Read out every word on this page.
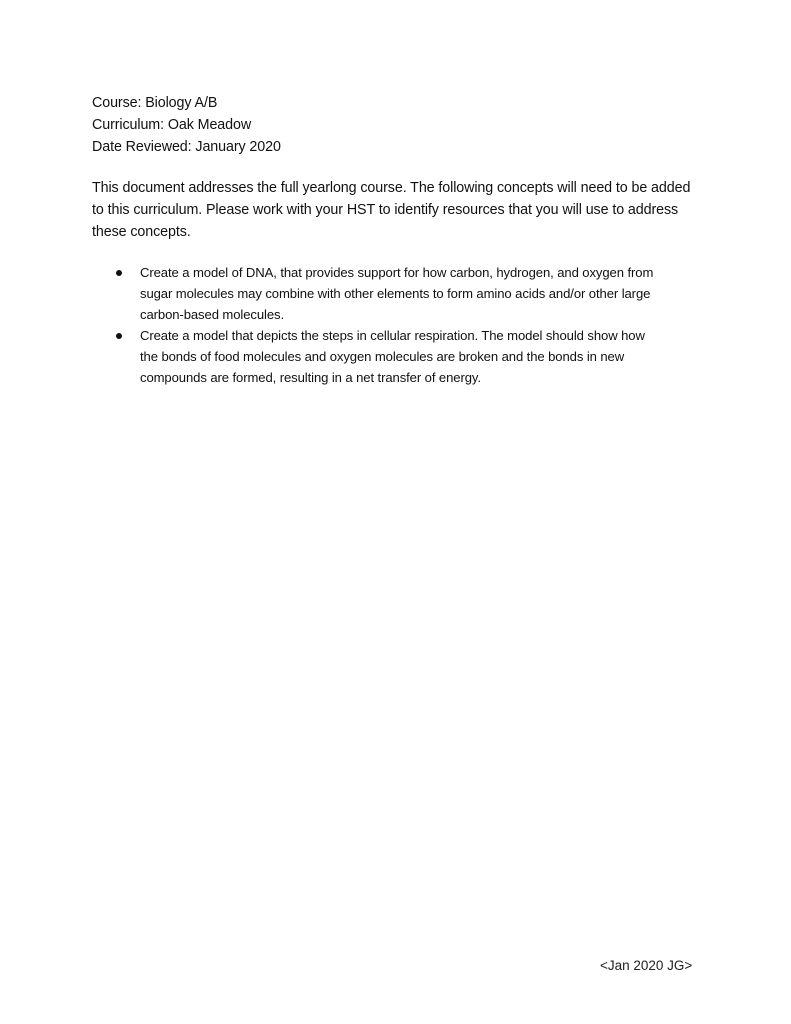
Course: Biology A/B
Curriculum: Oak Meadow
Date Reviewed: January 2020
This document addresses the full yearlong course. The following concepts will need to be added
to this curriculum. Please work with your HST to identify resources that you will use to address
these concepts.
Create a model of DNA, that provides support for how carbon, hydrogen, and oxygen from
sugar molecules may combine with other elements to form amino acids and/or other large
carbon-based molecules.
Create a model that depicts the steps in cellular respiration. The model should show how
the bonds of food molecules and oxygen molecules are broken and the bonds in new
compounds are formed, resulting in a net transfer of energy.
<Jan 2020 JG>
